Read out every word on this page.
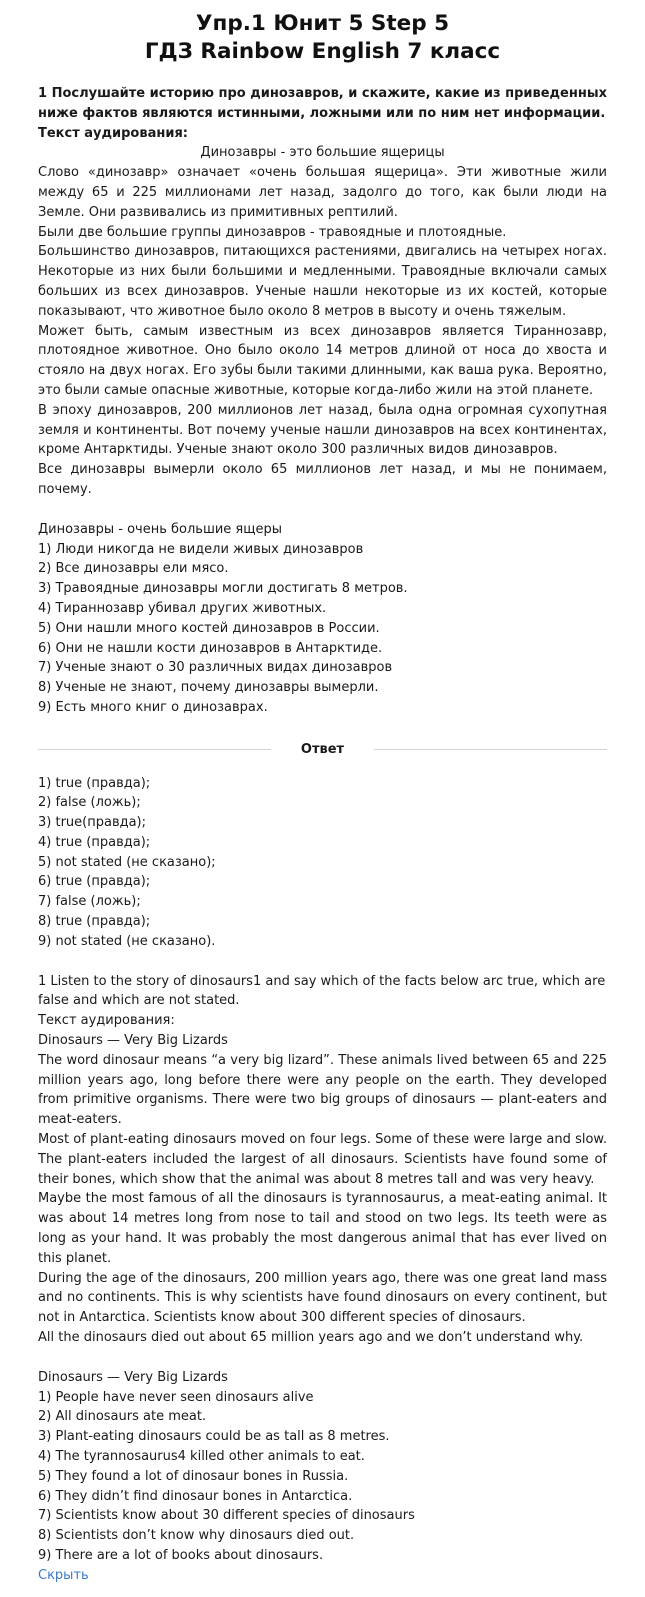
Упр.1 Юнит 5 Step 5
ГДЗ Rainbow English 7 класс

1 Послушайте историю про динозавров, и скажите, какие из приведенных ниже фактов являются истинными, ложными или по ним нет информации.

Текст аудирования:

Динозавры - это большие ящерицы

Слово «динозавр» означает «очень большая ящерица». Эти животные жили между 65 и 225 миллионами лет назад, задолго до того, как были люди на Земле. Они развивались из примитивных рептилий.

Были две большие группы динозавров - травоядные и плотоядные.

Большинство динозавров, питающихся растениями, двигались на четырех ногах. Некоторые из них были большими и медленными. Травоядные включали самых больших из всех динозавров. Ученые нашли некоторые из их костей, которые показывают, что животное было около 8 метров в высоту и очень тяжелым.

Может быть, самым известным из всех динозавров является Тираннозавр, плотоядное животное. Оно было около 14 метров длиной от носа до хвоста и стояло на двух ногах. Его зубы были такими длинными, как ваша рука. Вероятно, это были самые опасные животные, которые когда-либо жили на этой планете.

В эпоху динозавров, 200 миллионов лет назад, была одна огромная сухопутная земля и континенты. Вот почему ученые нашли динозавров на всех континентах, кроме Антарктиды. Ученые знают около 300 различных видов динозавров.

Все динозавры вымерли около 65 миллионов лет назад, и мы не понимаем, почему.

Динозавры - очень большие ящеры

1) Люди никогда не видели живых динозавров
2) Все динозавры ели мясо.
3) Травоядные динозавры могли достигать 8 метров.
4) Тираннозавр убивал других животных.
5) Они нашли много костей динозавров в России.
6) Они не нашли кости динозавров в Антарктиде.
7) Ученые знают о 30 различных видах динозавров
8) Ученые не знают, почему динозавры вымерли.
9) Есть много книг о динозаврах.
Ответ
1) true (правда);
2) false (ложь);
3) true(правда);
4) true (правда);
5) not stated (не сказано);
6) true (правда);
7) false (ложь);
8) true (правда);
9) not stated (не сказано).

1 Listen to the story of dinosaurs1 and say which of the facts below arc true, which are false and which are not stated.

Текст аудирования:

Dinosaurs — Very Big Lizards

The word dinosaur means “a very big lizard”. These animals lived between 65 and 225 million years ago, long before there were any people on the earth. They developed from primitive organisms. There were two big groups of dinosaurs — plant-eaters and meat-eaters.

Most of plant-eating dinosaurs moved on four legs. Some of these were large and slow. The plant-eaters included the largest of all dinosaurs. Scientists have found some of their bones, which show that the animal was about 8 metres tall and was very heavy.

Maybe the most famous of all the dinosaurs is tyrannosaurus, a meat-eating animal. It was about 14 metres long from nose to tail and stood on two legs. Its teeth were as long as your hand. It was probably the most dangerous animal that has ever lived on this planet.

During the age of the dinosaurs, 200 million years ago, there was one great land mass and no continents. This is why scientists have found dinosaurs on every continent, but not in Antarctica. Scientists know about 300 different species of dinosaurs.

All the dinosaurs died out about 65 million years ago and we don’t understand why.

Dinosaurs — Very Big Lizards

1) People have never seen dinosaurs alive
2) All dinosaurs ate meat.
3) Plant-eating dinosaurs could be as tall as 8 metres.
4) The tyrannosaurus4 killed other animals to eat.
5) They found a lot of dinosaur bones in Russia.
6) They didn’t find dinosaur bones in Antarctica.
7) Scientists know about 30 different species of dinosaurs
8) Scientists don’t know why dinosaurs died out.
9) There are a lot of books about dinosaurs.
Скрыть
